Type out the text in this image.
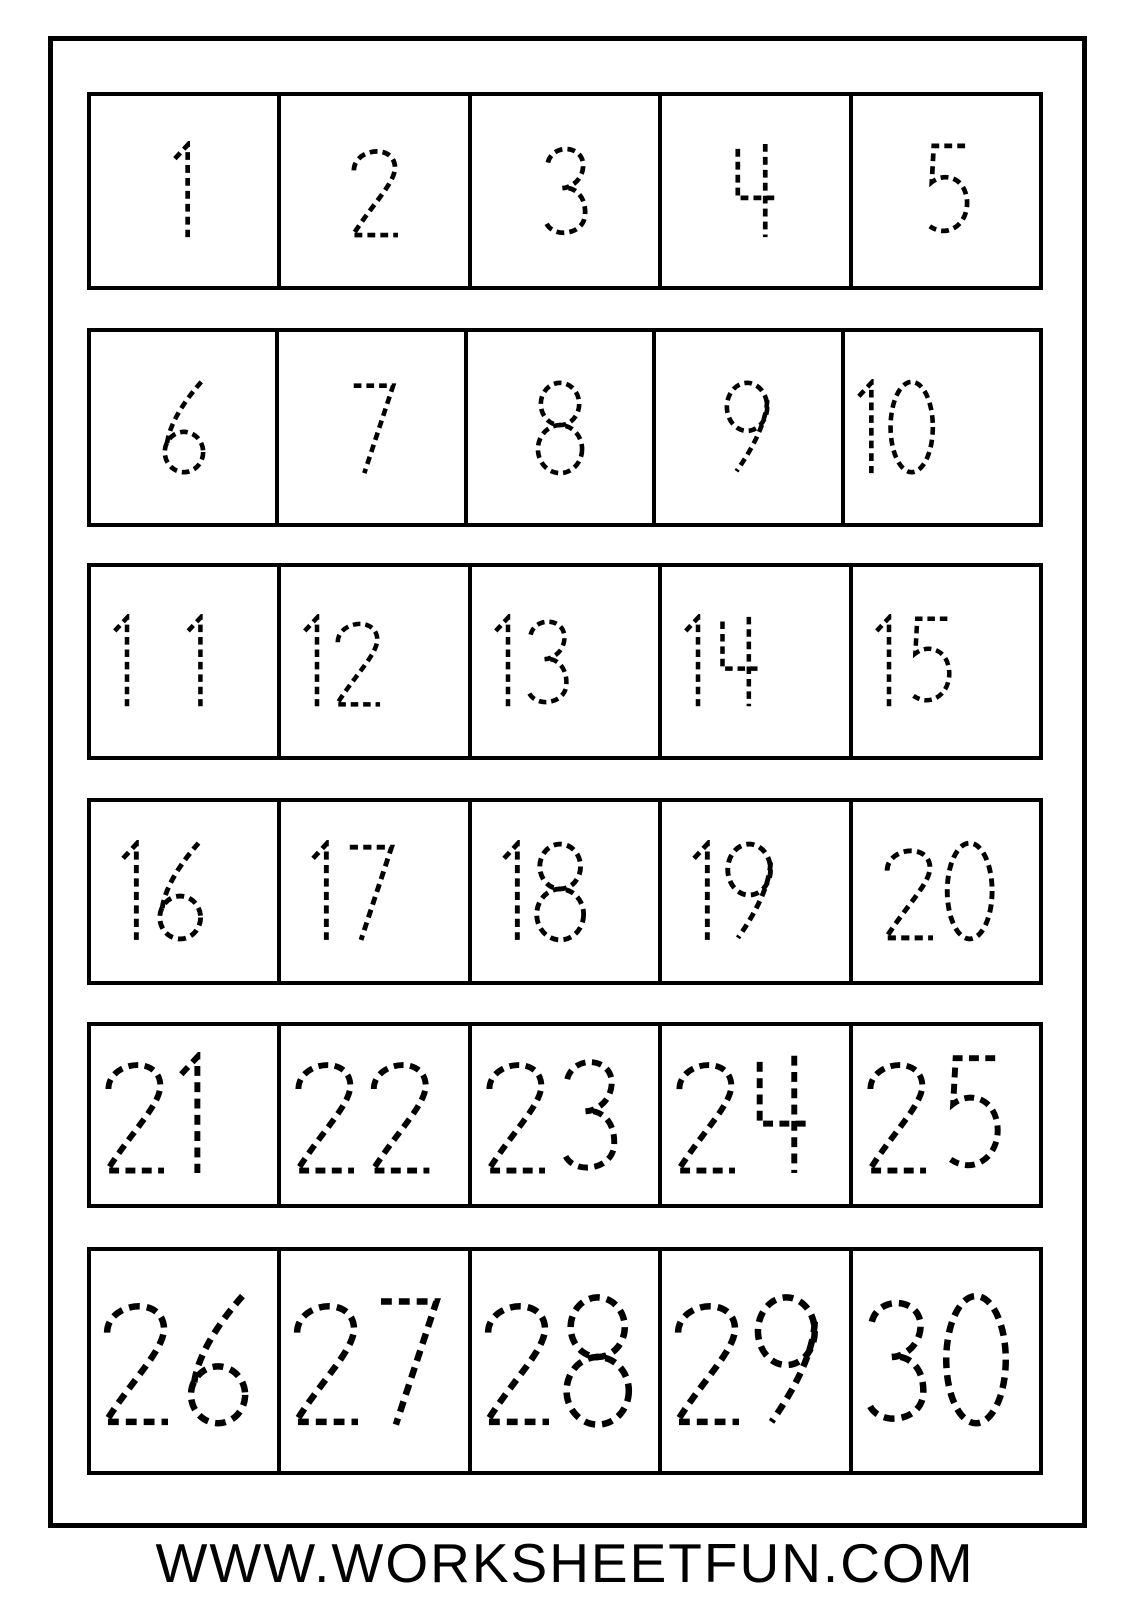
WWW.WORKSHEETFUN.COM
